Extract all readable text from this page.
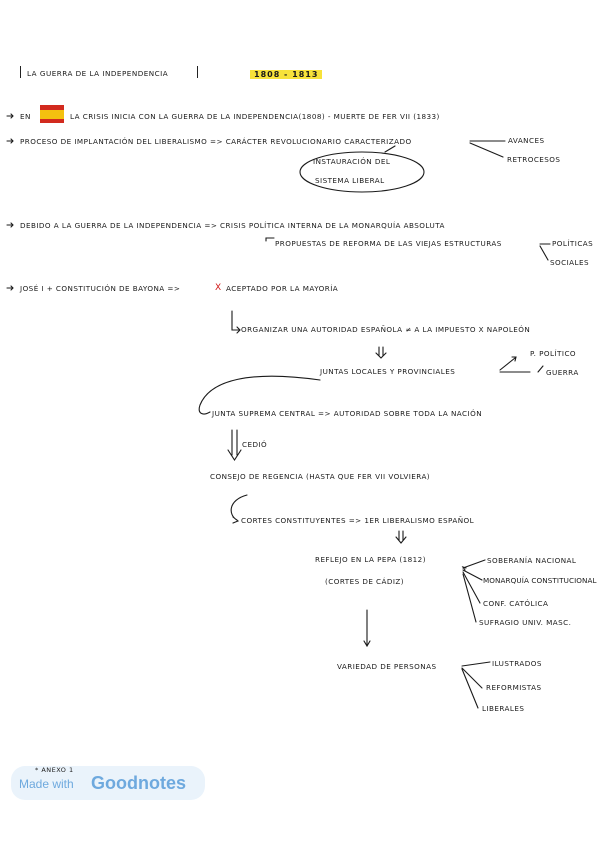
LA GUERRA DE LA INDEPENDENCIA	1808 - 1813
EN	LA CRISIS INICIA CON LA GUERRA DE LA INDEPENDENCIA(1808) - MUERTE DE FER VII (1833)
PROCESO DE IMPLANTACIÓN DEL LIBERALISMO => CARÁCTER REVOLUCIONARIO CARACTERIZADO	AVANCES
RETROCESOS
INSTAURACIÓN DEL
SISTEMA LIBERAL
DEBIDO A LA GUERRA DE LA INDEPENDENCIA => CRISIS POLÍTICA INTERNA DE LA MONARQUÍA ABSOLUTA
PROPUESTAS DE REFORMA DE LAS VIEJAS ESTRUCTURAS	POLÍTICAS
SOCIALES
JOSÉ I + CONSTITUCIÓN DE BAYONA =>	X ACEPTADO POR LA MAYORÍA
ORGANIZAR UNA AUTORIDAD ESPAÑOLA ≠ A LA IMPUESTO X NAPOLEÓN
JUNTAS LOCALES Y PROVINCIALES
P. POLÍTICO
GUERRA
JUNTA SUPREMA CENTRAL => AUTORIDAD SOBRE TODA LA NACIÓN
CEDIÓ
CONSEJO DE REGENCIA (HASTA QUE FER VII VOLVIERA)
CORTES CONSTITUYENTES => 1ER LIBERALISMO ESPAÑOL
REFLEJO EN LA PEPA (1812)
(CORTES DE CÁDIZ)
SOBERANÍA NACIONAL
MONARQUÍA CONSTITUCIONAL
CONF. CATÓLICA
SUFRAGIO UNIV. MASC.
VARIEDAD DE PERSONAS	ILUSTRADOS
REFORMISTAS
LIBERALES
* ANEXO 1
Made with Goodnotes
